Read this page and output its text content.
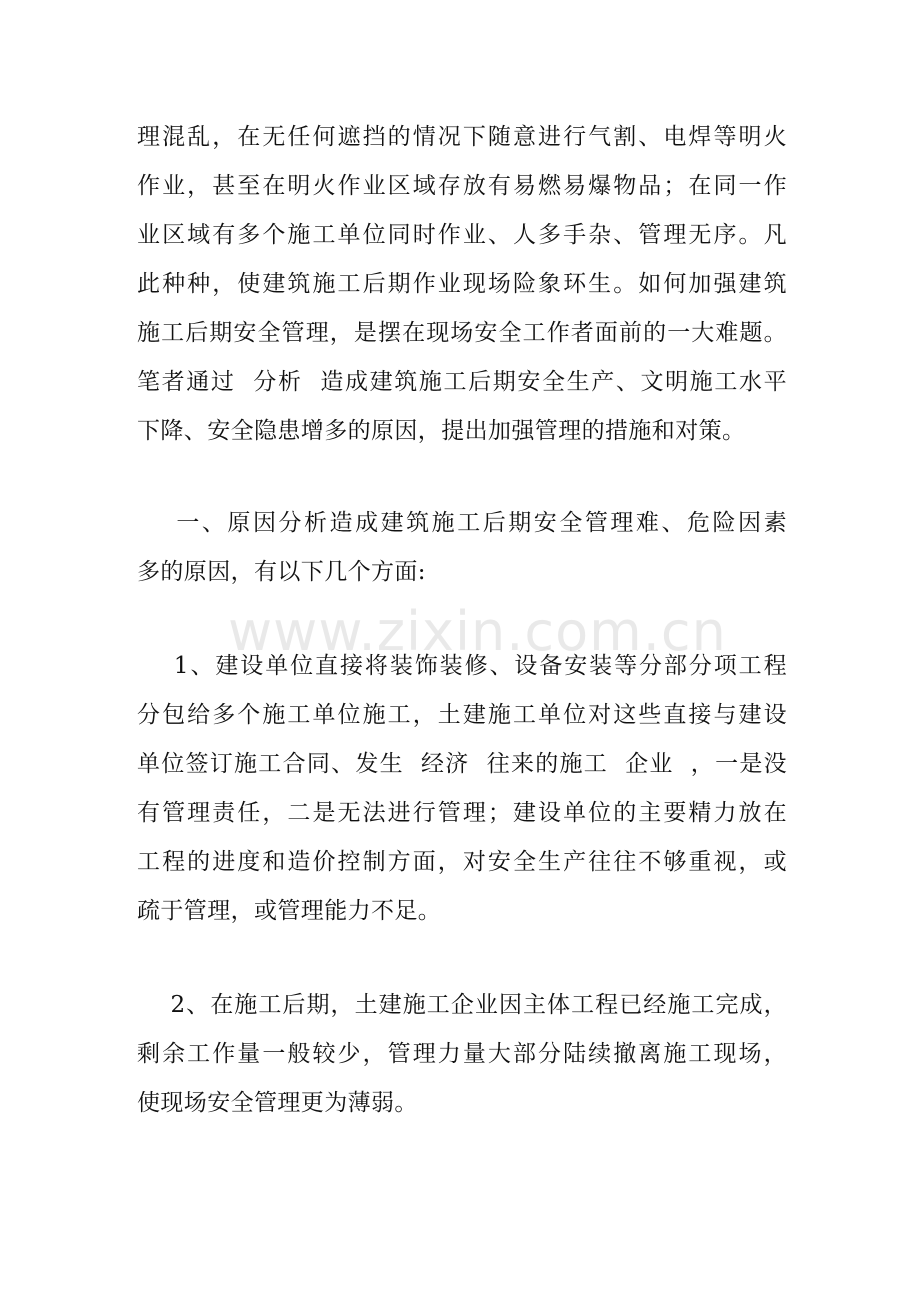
www.zixin.com.cn
理混乱，在无任何遮挡的情况下随意进行气割、电焊等明火
作业，甚至在明火作业区域存放有易燃易爆物品；在同一作
业区域有多个施工单位同时作业、人多手杂、管理无序。凡
此种种，使建筑施工后期作业现场险象环生。如何加强建筑
施工后期安全管理，是摆在现场安全工作者面前的一大难题。
笔者通过  分析  造成建筑施工后期安全生产、文明施工水平
下降、安全隐患增多的原因，提出加强管理的措施和对策。
一、原因分析造成建筑施工后期安全管理难、危险因素
多的原因，有以下几个方面:
1、建设单位直接将装饰装修、设备安装等分部分项工程
分包给多个施工单位施工，土建施工单位对这些直接与建设
单位签订施工合同、发生  经济  往来的施工  企业  ，一是没
有管理责任，二是无法进行管理；建设单位的主要精力放在
工程的进度和造价控制方面，对安全生产往往不够重视，或
疏于管理，或管理能力不足。
2、在施工后期，土建施工企业因主体工程已经施工完成，
剩余工作量一般较少，管理力量大部分陆续撤离施工现场，
使现场安全管理更为薄弱。
